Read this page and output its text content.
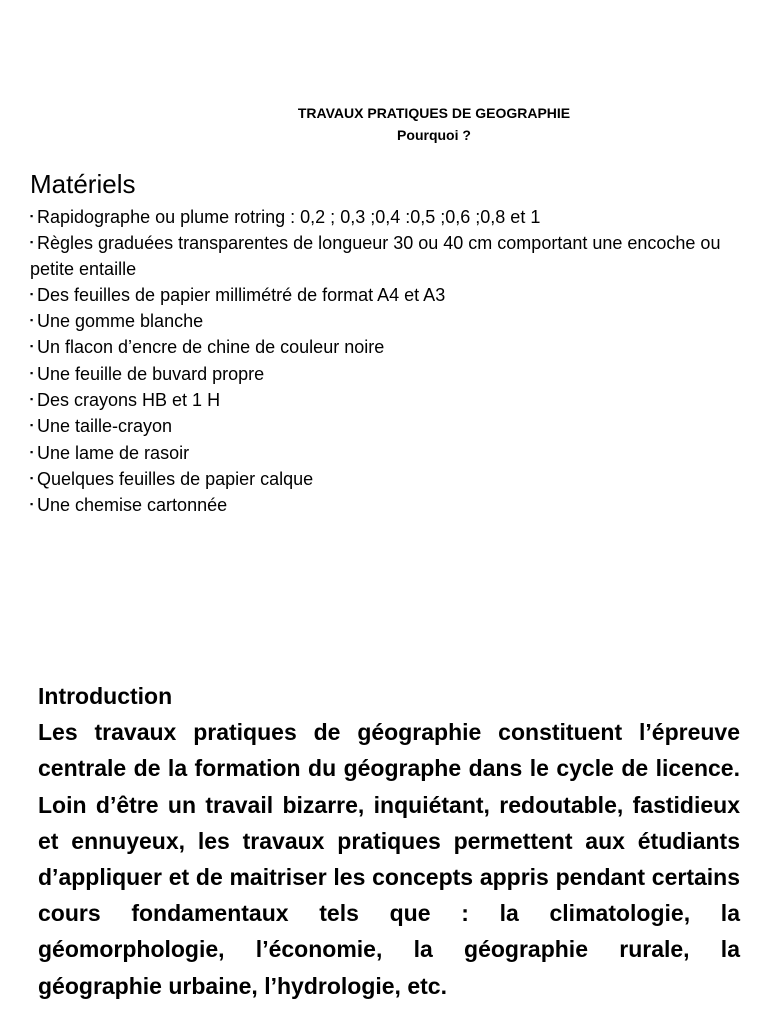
TRAVAUX PRATIQUES DE GEOGRAPHIE
Pourquoi ?
Matériels
▪ Rapidographe ou plume rotring : 0,2 ; 0,3 ;0,4 :0,5 ;0,6 ;0,8 et 1
▪ Règles graduées transparentes de longueur 30 ou 40 cm comportant une encoche ou petite entaille
▪ Des feuilles de papier millimétré de format A4 et A3
▪ Une gomme blanche
▪ Un flacon d’encre de chine de couleur noire
▪ Une feuille de buvard propre
▪ Des crayons HB et 1 H
▪ Une taille-crayon
▪ Une lame de rasoir
▪ Quelques feuilles de papier calque
▪ Une chemise cartonnée
Introduction

Les travaux pratiques de géographie constituent l’épreuve centrale de la formation du géographe dans le cycle de licence. Loin d’être un travail bizarre, inquiétant, redoutable, fastidieux et ennuyeux, les travaux pratiques permettent aux étudiants d’appliquer et de maitriser les concepts appris pendant certains cours fondamentaux tels que : la climatologie, la géomorphologie, l’économie, la géographie rurale, la géographie urbaine, l’hydrologie, etc.
